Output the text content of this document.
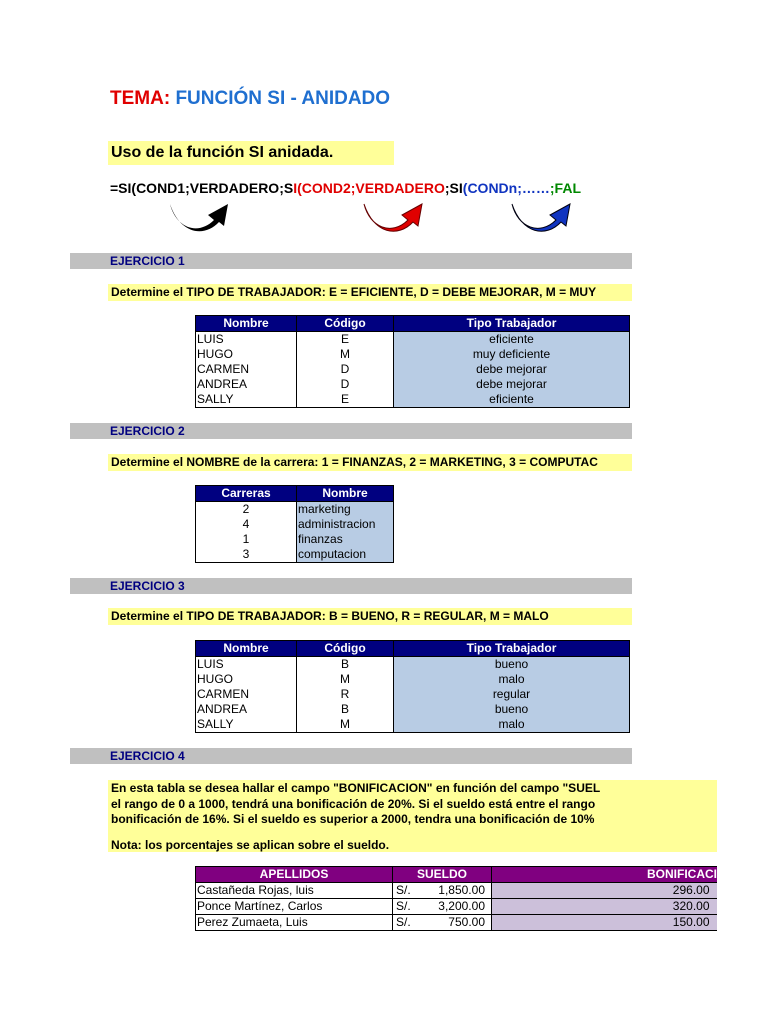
TEMA: FUNCIÓN SI - ANIDADO
Uso de la función SI anidada.
=SI(COND1;VERDADERO;SI(COND2;VERDADERO;SI(CONDn;……;FAL
EJERCICIO 1
Determine el TIPO DE TRABAJADOR: E = EFICIENTE, D = DEBE MEJORAR, M = MUY
Nombre	Código	Tipo Trabajador
LUIS	E	eficiente
HUGO	M	muy deficiente
CARMEN	D	debe mejorar
ANDREA	D	debe mejorar
SALLY	E	eficiente
EJERCICIO 2
Determine el NOMBRE de la carrera: 1 = FINANZAS, 2 = MARKETING, 3 = COMPUTAC
Carreras	Nombre
2	marketing
4	administracion
1	finanzas
3	computacion
EJERCICIO 3
Determine el TIPO DE TRABAJADOR: B = BUENO, R = REGULAR, M = MALO
Nombre	Código	Tipo Trabajador
LUIS	B	bueno
HUGO	M	malo
CARMEN	R	regular
ANDREA	B	bueno
SALLY	M	malo
EJERCICIO 4
En esta tabla se desea hallar el campo "BONIFICACION" en función del campo "SUEL
el rango de 0 a 1000, tendrá una bonificación de 20%. Si el sueldo está entre el rango
bonificación de 16%. Si el sueldo es superior a 2000, tendra una bonificación de 10%
Nota: los porcentajes se aplican sobre el sueldo.
APELLIDOS	SUELDO		BONIFICACI
Castañeda Rojas, luis	S/.	1,850.00	296.00
Ponce Martínez, Carlos	S/.	3,200.00	320.00
Perez Zumaeta, Luis	S/.	750.00	150.00
